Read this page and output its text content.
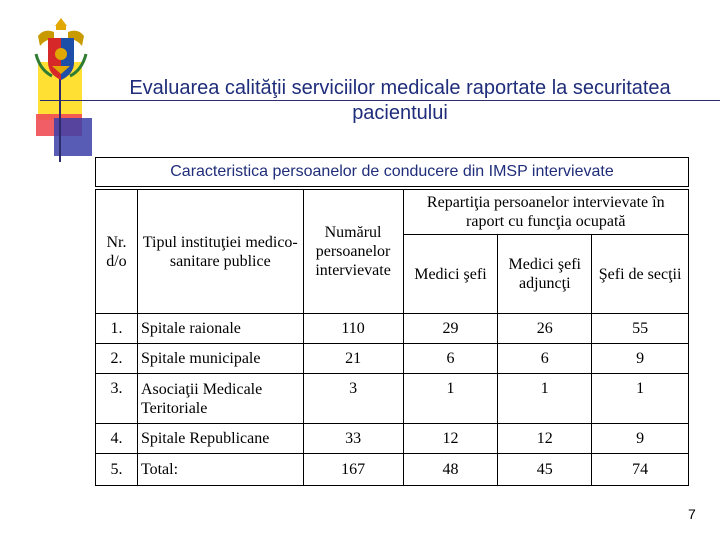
Evaluarea calităţii serviciilor medicale raportate la securitatea pacientului
Caracteristica persoanelor de conducere din IMSP intervievate
Nr. d/o	Tipul instituţiei medico-sanitare publice	Numărul persoanelor intervievate	Repartiţia persoanelor intervievate în raport cu funcţia ocupată		
			Medici şefi	Medici şefi adjuncţi	Şefi de secţii
1.	Spitale raionale	110	29	26	55
2.	Spitale municipale	21	6	6	9
3.	Asociaţii Medicale Teritoriale	3	1	1	1
4.	Spitale Republicane	33	12	12	9
5.	Total:	167	48	45	74
7
